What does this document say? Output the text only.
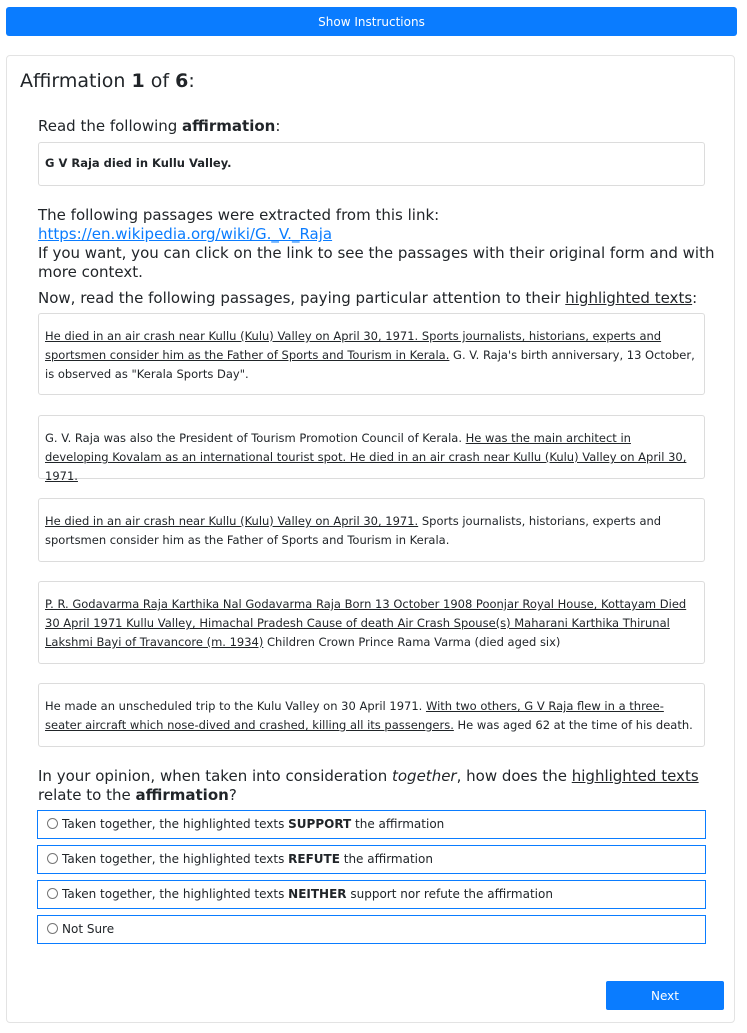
Show Instructions
Affirmation 1 of 6:

Read the following affirmation:

G V Raja died in Kullu Valley.
The following passages were extracted from this link: https://en.wikipedia.org/wiki/G._V._Raja
If you want, you can click on the link to see the passages with their original form and with more context.

Now, read the following passages, paying particular attention to their highlighted texts:

He died in an air crash near Kullu (Kulu) Valley on April 30, 1971. Sports journalists, historians, experts and sportsmen consider him as the Father of Sports and Tourism in Kerala. G. V. Raja's birth anniversary, 13 October, is observed as "Kerala Sports Day".
G. V. Raja was also the President of Tourism Promotion Council of Kerala. He was the main architect in developing Kovalam as an international tourist spot. He died in an air crash near Kullu (Kulu) Valley on April 30, 1971.
He died in an air crash near Kullu (Kulu) Valley on April 30, 1971. Sports journalists, historians, experts and sportsmen consider him as the Father of Sports and Tourism in Kerala.
P. R. Godavarma Raja Karthika Nal Godavarma Raja Born 13 October 1908 Poonjar Royal House, Kottayam Died 30 April 1971 Kullu Valley, Himachal Pradesh Cause of death Air Crash Spouse(s) Maharani Karthika Thirunal Lakshmi Bayi of Travancore (m. 1934) Children Crown Prince Rama Varma (died aged six)
He made an unscheduled trip to the Kulu Valley on 30 April 1971. With two others, G V Raja flew in a three-seater aircraft which nose-dived and crashed, killing all its passengers. He was aged 62 at the time of his death.

In your opinion, when taken into consideration together, how does the highlighted texts relate to the affirmation?

Taken together, the highlighted texts SUPPORT the affirmation
Taken together, the highlighted texts REFUTE the affirmation
Taken together, the highlighted texts NEITHER support nor refute the affirmation
Not Sure
Next
